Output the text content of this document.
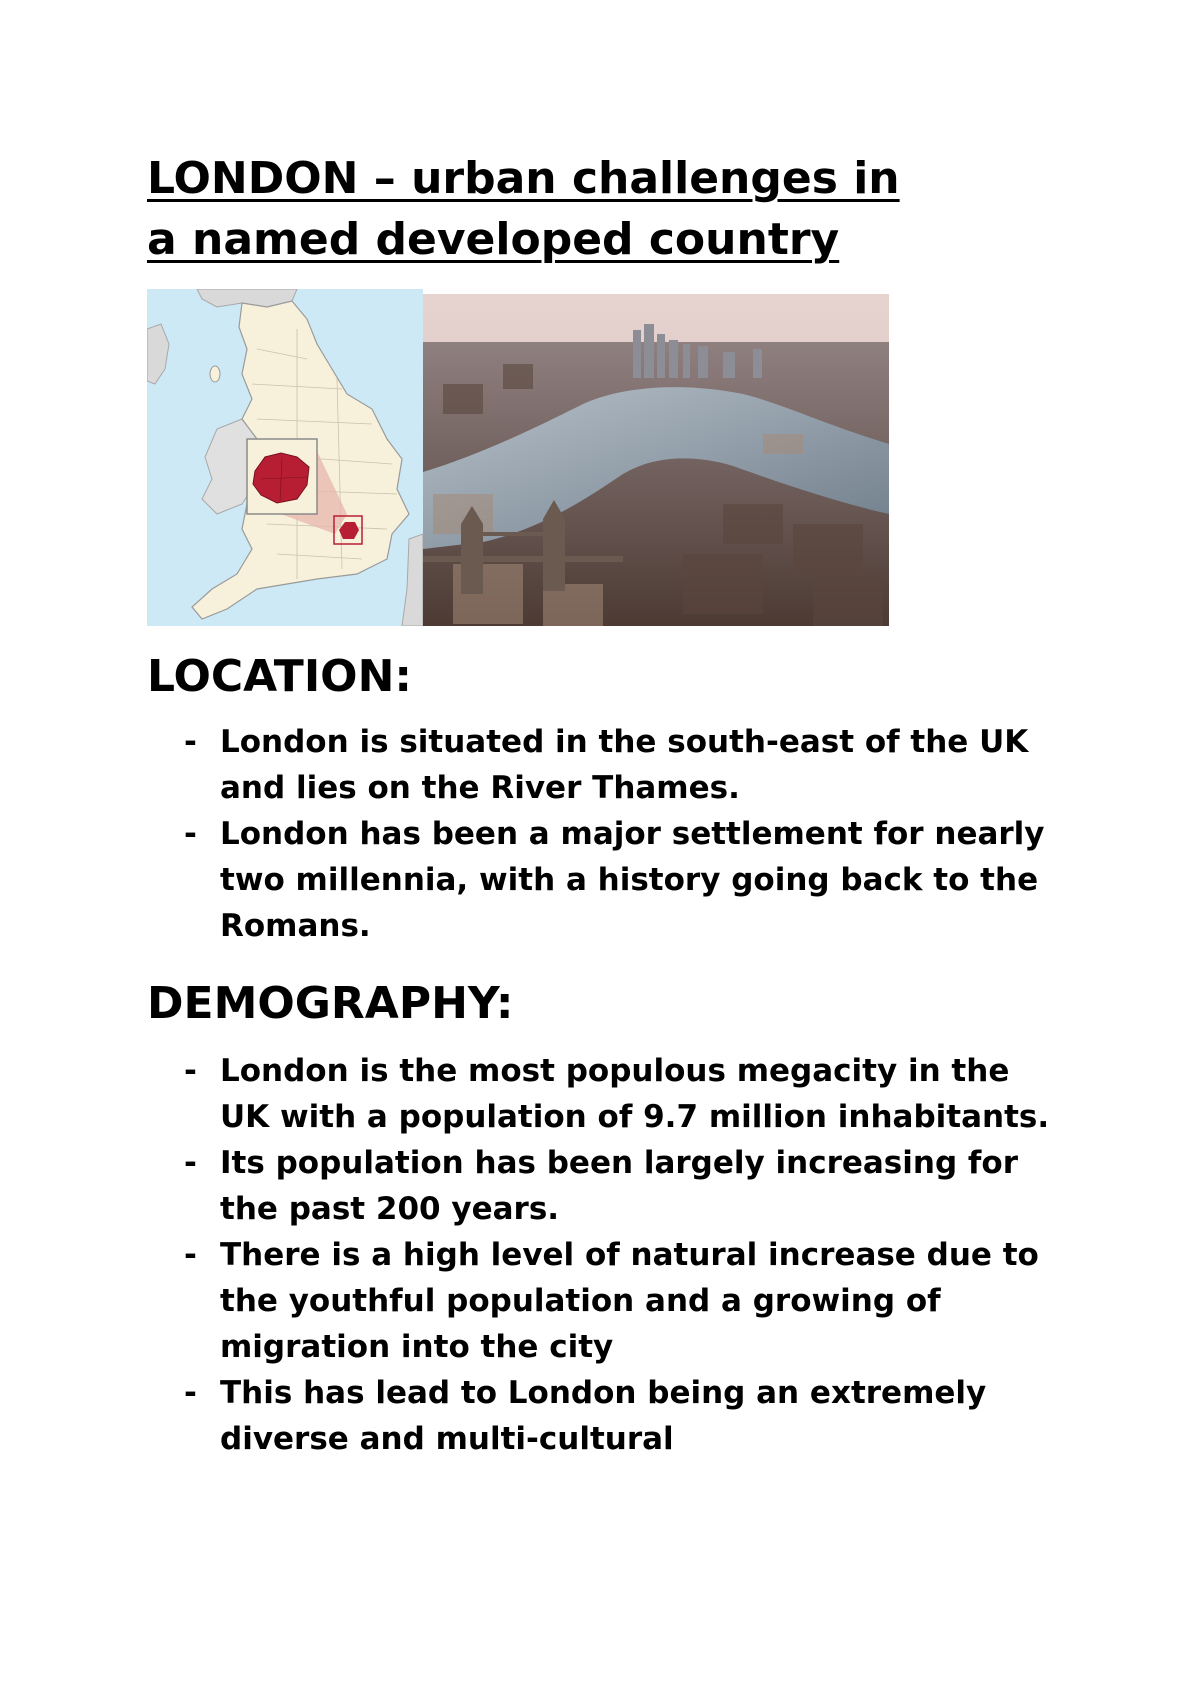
LONDON – urban challenges in
a named developed country
LOCATION:
- London is situated in the south-east of the UK and lies on the River Thames.
- London has been a major settlement for nearly two millennia, with a history going back to the Romans.
DEMOGRAPHY:
- London is the most populous megacity in the UK with a population of 9.7 million inhabitants.
- Its population has been largely increasing for the past 200 years.
- There is a high level of natural increase due to the youthful population and a growing of migration into the city
- This has lead to London being an extremely diverse and multi-cultural
